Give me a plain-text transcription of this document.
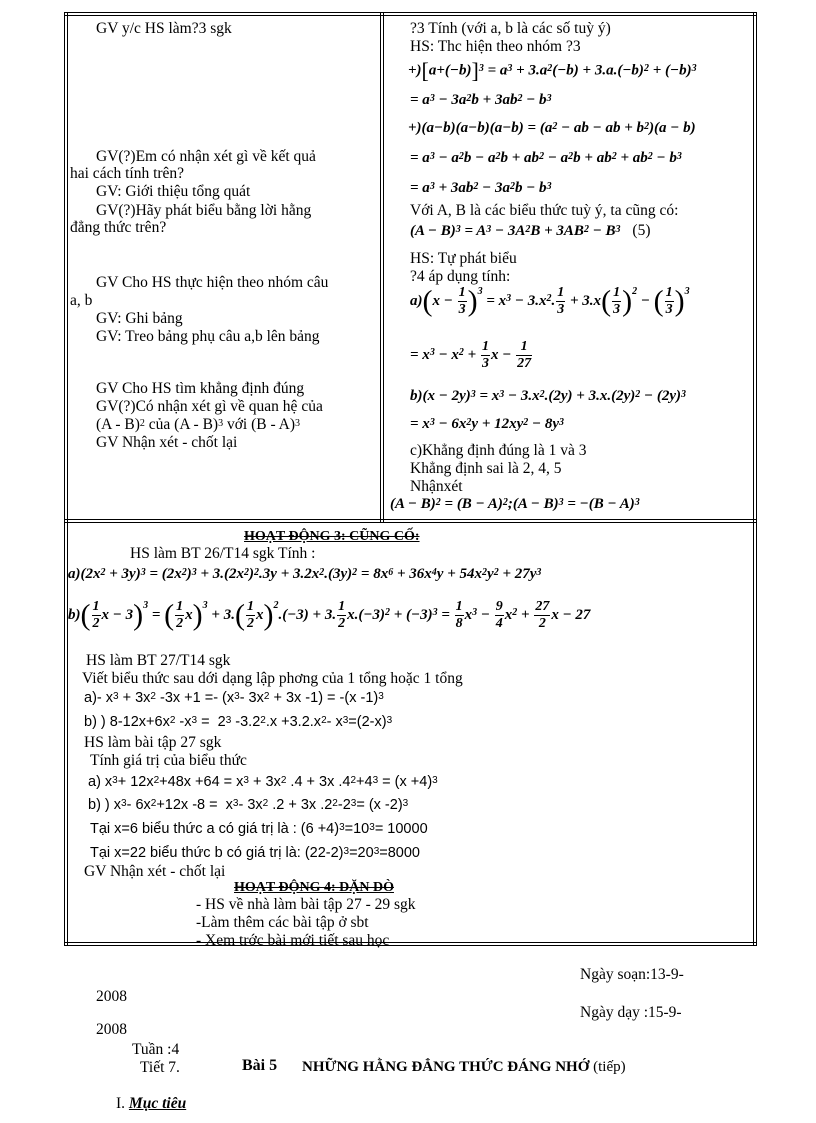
GV y/c HS làm?3 sgk
GV(?)Em có nhận xét gì về kết quả
hai cách tính trên?
GV: Giới thiệu tổng quát
GV(?)Hãy phát biểu bằng lời hằng
đẳng thức trên?
GV Cho HS thực hiện theo nhóm câu
a, b
GV: Ghi bảng
GV: Treo bảng phụ câu a,b lên bảng
GV Cho HS tìm khẳng định đúng
GV(?)Có nhận xét gì về quan hệ của
(A - B)$^2$ của (A - B)$^3$ với (B - A)$^3$
GV Nhận xét - chốt lại
?3 Tính (với a, b là các số tuỳ ý)
HS: Thc hiện theo nhóm ?3
$+)[a+(-b)]^3 = a^3 + 3.a^2(-b) + 3.a.(-b)^2 + (-b)^3$
= $a^3 - 3a^2b + 3ab^2 - b^3$
$+)(a-b)(a-b)(a-b) = (a^2$ − ab − ab + $b^2)(a - b)$
= $a^3 - a^2b - a^2b + ab^2 - a^2b + ab^2 + ab^2 - b^3$
= $a^3 + 3ab^2 - 3a^2b - b^3$
Với A, B là các biểu thức tuỳ ý, ta cũng có:
$(A - B)^3 = A^3 - 3A^2B + 3AB^2 - B^3$ (5)
HS: Tự phát biểu
?4 áp dụng tính:
$a)(x - \frac{1}{3} )^3 = x^3 - 3.x^2$. $\frac{1}{3} + 3.x( \frac{1}{3} )^2$ − ( $\frac{1}{3} )^3$
= $x^3 - x^2 + \frac{1}{3}$ $x - \frac{1}{27}$
$b)(x - 2y)^3 = x^3 - 3.x^2.(2y) + 3.x.(2y)^2 - (2y)^3$
= $x^3 - 6x^2y + 12xy^2 - 8y^3$
c)Khẳng định đúng là 1 và 3
Khẳng định sai là 2, 4, 5
Nhậnxét
$(A - B)^2 = (B$ − $A)^2;(A - B)^3 = -(B - A)^3$
HOẠT ĐỘNG 3: CŨNG CỐ:
HS làm BT 26/T14 sgk Tính :
$a)(2x^2 + 3y)^3 = (2x^2)^3 + 3.(2x^2)^2.3y + 3.2x^2.(3y)^2 = 8x^6 + 36x^4y + 54x^2y^2 + 27y^3$
$b)( \frac{1}{2}$ $x - 3)^3$ = ( $\frac{1}{2} x)^3 + 3.( \frac{1}{2} x)^2.(-3) + 3$. $\frac{1}{2} x.(-3)^2 + (-3)^3 = \frac{1}{8} x^3 - \frac{9}{4} x^2 + \frac{27}{2}$ x − 27
HS làm BT 27/T14 sgk
Viết biểu thức sau dới dạng lập phơng của 1 tổng hoặc 1 tổng
a)- $x^3 + 3x^2$ $-3x +1 =- (x^3-$ $3x^2 + 3x$ -1) = -(x -1)$^3$
b) ) $8-12x+6x^2$ $-x^3 = 2^3$ $-3.2^2.x +3.2.x^2-$ $x^3=(2-x)^3$
HS làm bài tập 27 sgk
Tính giá trị của biểu thức
a) $x^3+ 12x^2+48x +64 = x^3 + 3x^2$ .4 + 3x $.4^2+4^3 = (x +4)^3$
b) ) $x^3-$ $6x^2+12x$ $-8 = x^3-$ $3x^2$ .2 + 3x $.2^2-2^3= (x$ -2)$^3$
Tại x=6 biểu thức a có giá trị là : $(6 +4)^3=10^3= 10000$
Tại x=22 biểu thức b có giá trị là: $(22-2)^3=20^3=8000$
GV Nhận xét - chốt lại
HOẠT ĐỘNG 4: DẶN DÒ
- HS về nhà làm bài tập 27 - 29 sgk
-Làm thêm các bài tập ở sbt
- Xem trớc bài mới tiết sau học
Ngày soạn:13-9-
2008
Ngày dạy :15-9-
2008
Tuần :4
Tiết 7.	Bài 5 NHỮNG HẰNG ĐẲNG THỨC ĐÁNG NHỚ (tiếp)
I. Mục tiêu
